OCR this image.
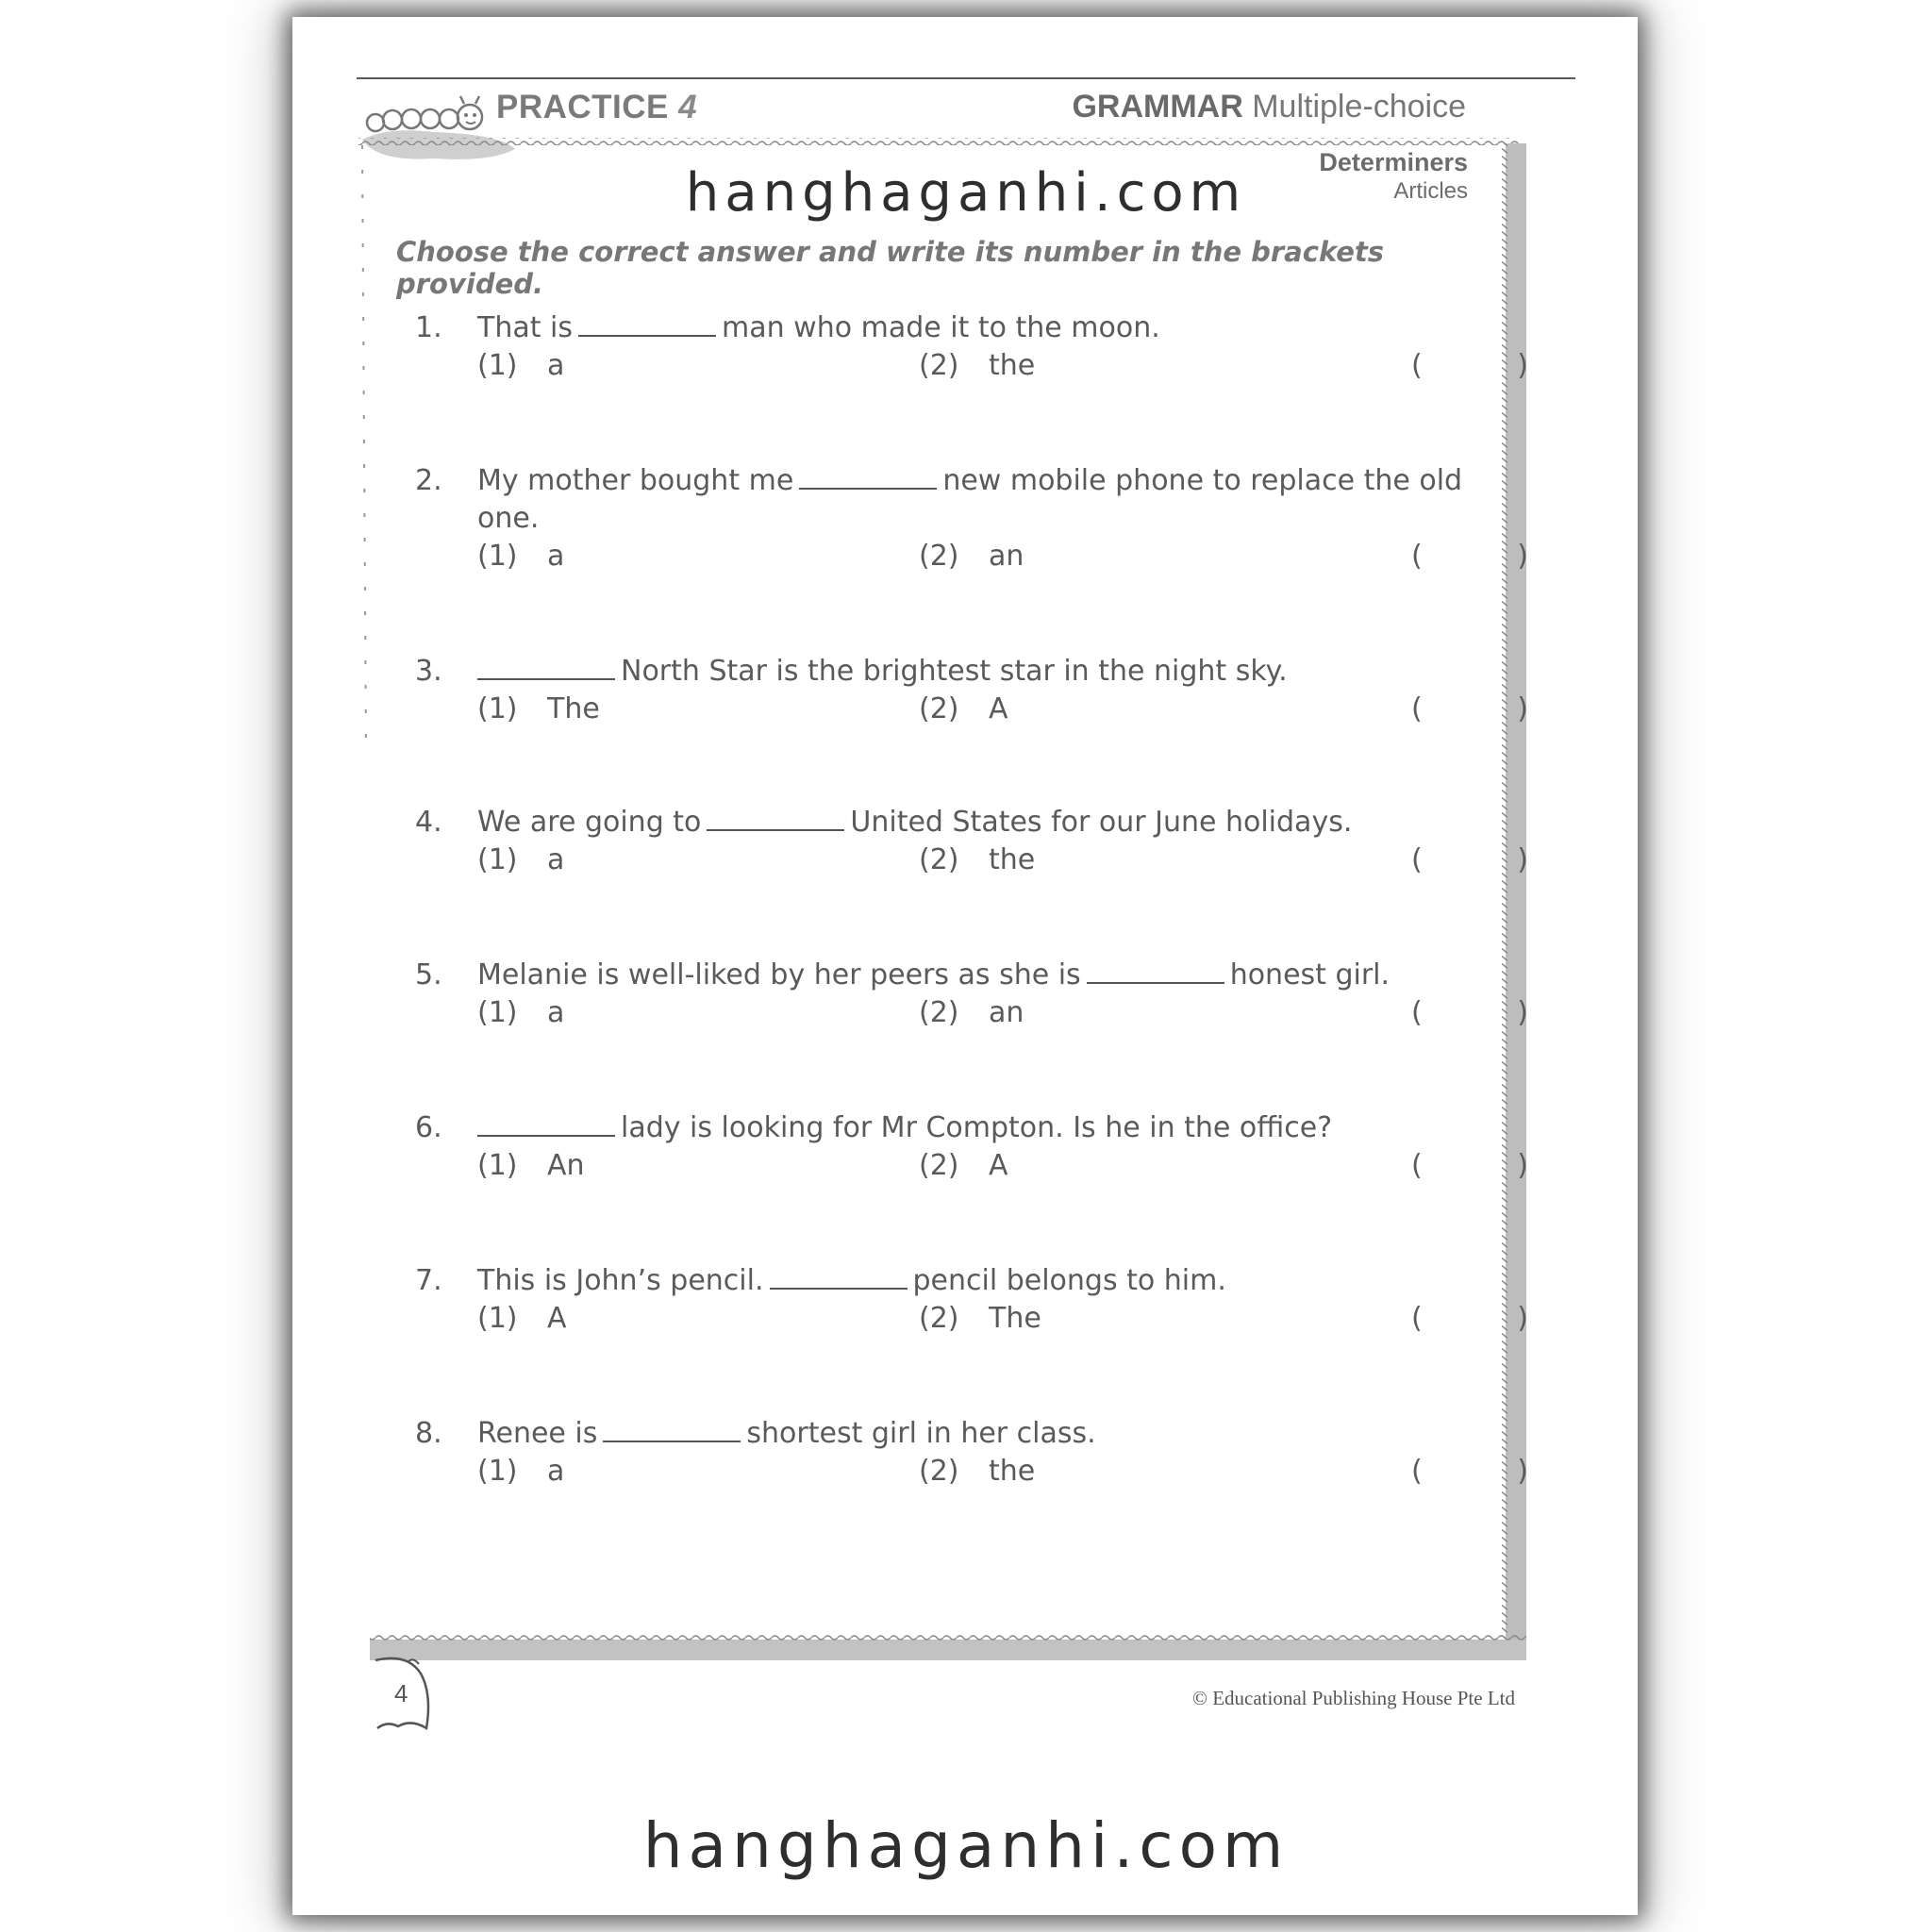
PRACTICE 4	GRAMMAR Multiple-choice
Determiners
Articles
hanghaganhi.com
Choose the correct answer and write its number in the brackets provided.
1. That is	man who made it to the moon.
(1) a	(2) the	(	)
2. My mother bought me	new mobile phone to replace the old one.
(1) a	(2) an	(	)
3.	North Star is the brightest star in the night sky.
(1) The	(2) A	(	)
4. We are going to	United States for our June holidays.
(1) a	(2) the	(	)
5. Melanie is well-liked by her peers as she is	honest girl.
(1) a	(2) an	(	)
6.	lady is looking for Mr Compton. Is he in the office?
(1) An	(2) A	(	)
7. This is John’s pencil.	pencil belongs to him.
(1) A	(2) The	(	)
8. Renee is	shortest girl in her class.
(1) a	(2) the	(	)
4	© Educational Publishing House Pte Ltd
hanghaganhi.com
